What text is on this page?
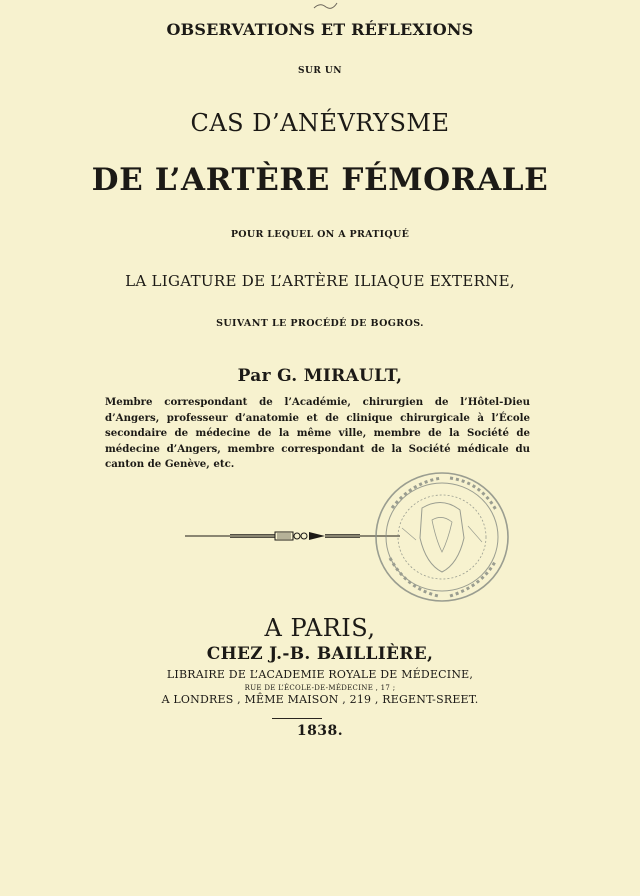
OBSERVATIONS ET RÉFLEXIONS
SUR UN
CAS D’ANÉVRYSME
DE L’ARTÈRE FÉMORALE
POUR LEQUEL ON A PRATIQUÉ
LA LIGATURE DE L’ARTÈRE ILIAQUE EXTERNE,
SUIVANT LE PROCÉDÉ DE BOGROS.
Par G. MIRAULT,
Membre correspondant de l’Académie, chirurgien de l’Hôtel-Dieu d’Angers, professeur d’anatomie et de clinique chirurgicale à l’École secondaire de médecine de la même ville, membre de la Société de médecine d’Angers, membre correspondant de la Société médicale du canton de Genève, etc.
A PARIS,
CHEZ J.-B. BAILLIÈRE,
LIBRAIRE DE L’ACADEMIE ROYALE DE MÉDECINE,
RUE DE L’ÉCOLE-DE-MÉDECINE , 17 ;
A LONDRES , MÊME MAISON , 219 , REGENT-SREET.
1838.
